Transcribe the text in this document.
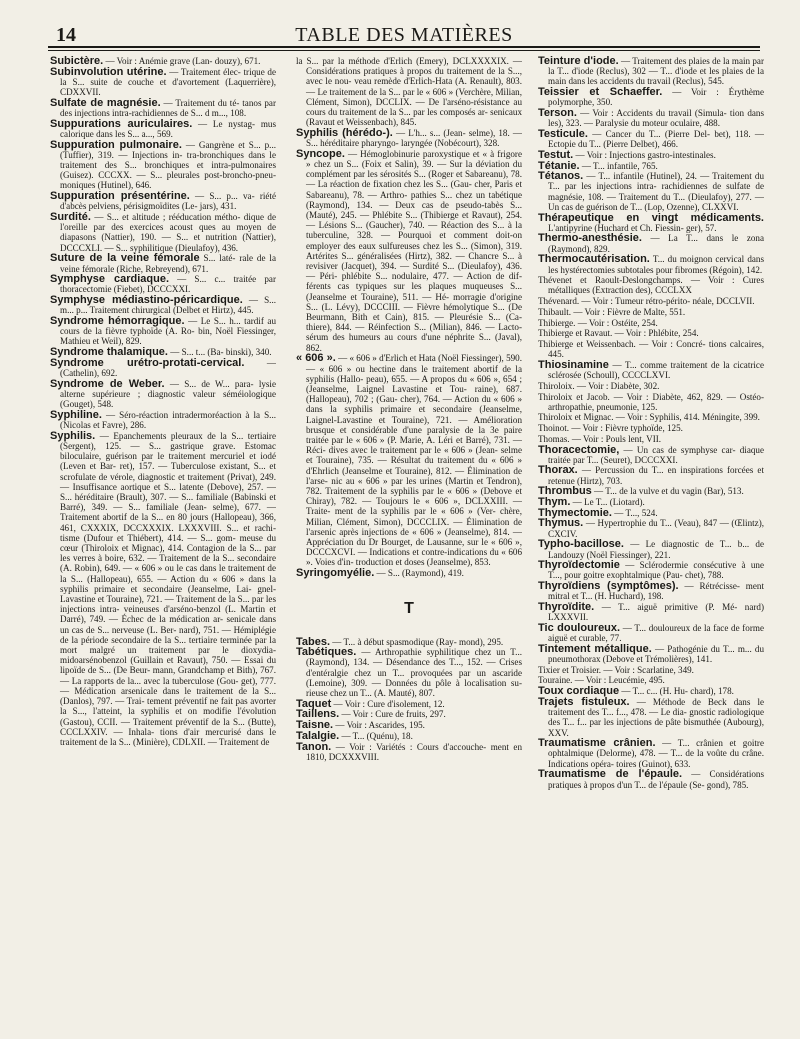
14	TABLE DES MATIÈRES

Subictère. — Voir : Anémie grave (Lan- douzy), 671.

Subinvolution utérine. — Traitement élec- trique de la S... suite de couche et d'avortement (Laquerrière), CDXXVII.

Sulfate de magnésie. — Traitement du té- tanos par des injections intra-rachidiennes de S... d m..., 108.

Suppurations auriculaires. — Le nystag- mus calorique dans les S... a..., 569.

Suppuration pulmonaire. — Gangrène et S... p... (Tuffier), 319. — Injections in- tra-bronchiques dans le traitement des S... bronchiques et intra-pulmonaires (Guisez). CCCXX. — S... pleurales post-broncho-pneu- moniques (Hutinel), 646.

Suppuration présentérine. — S... p... va- riété d'abcès pelviens, périsigmoïdites (Le- jars), 431.

Surdité. — S... et altitude ; rééducation métho- dique de l'oreille par des exercices acoust ques au moyen de diapasons (Nattier), 190. — S... et nutrition (Nattier), DCCCXLI. — S... syphilitique (Dieulafoy), 436.

Suture de la veine fémorale S... laté- rale de la veine fémorale (Riche, Rebreyend), 671.

Symphyse cardiaque. — S... c... traitée par thoracectomie (Fiebet), DCCCXXI.

Symphyse médiastino-péricardique. — S... m... p... Traitement chirurgical (Delbet et Hirtz), 445.

Syndrome hémorragique. — Le S... h... tardif au cours de la fièvre typhoïde (A. Ro- bin, Noël Fiessinger, Mathieu et Weil), 829.

Syndrome thalamique. — S... t... (Ba- binski), 340.

Syndrome urétro-protati-cervical. — (Cathelin), 692.

Syndrome de Weber. — S... de W... para- lysie alterne supérieure ; diagnostic valeur séméiologique (Gouget), 548.

Syphiline. — Séro-réaction intradermoréaction à la S... (Nicolas et Favre), 286.

Syphilis. — Epanchements pleuraux de la S... tertiaire (Sergent), 125. — S... gastrique grave. Estomac biloculaire, guérison par le traitement mercuriel et iodé (Leven et Bar- ret), 157. — Tuberculose existant, S... et scrofulate de vérole, diagnostic et traitement (Privat), 249. — Insuffisance aortique et S... latente (Debove), 257. — S... héréditaire (Brault), 307. — S... familiale (Babinski et Barré), 349. — S... familiale (Jean- selme), 677. — Traitement abortif de la S... en 80 jours (Hallopeau), 366, 461, CXXXIX, DCCXXXIX. LXXXVIII. S... et rachi- tisme (Dufour et Thiébert), 414. — S... gom- meuse du cœur (Thiroloix et Mignac), 414. Contagion de la S... par les verres à boire, 632. — Traitement de la S... secondaire (A. Robin), 649. — « 606 » ou le cas dans le traitement de la S... (Hallopeau), 655. — Action du « 606 » dans la syphilis primaire et secondaire (Jeanselme, Lai- gnel-Lavastine et Touraine), 721. — Traitement de la S... par les injections intra- veineuses d'arséno-benzol (L. Martin et Darré), 749. — Échec de la médication ar- senicale dans un cas de S... nerveuse (L. Ber- nard), 751. — Hémiplégie de la période secondaire de la S... tertiaire terminée par la mort malgré un traitement par le dioxydia- midoarsénobenzol (Guillain et Ravaut), 750. — Essai du lipoïde de S... (De Beur- mann, Grandchamp et Bith), 767. — La rapports de la... avec la tuberculose (Gou- get), 777. — Médication arsenicale dans le traitement de la S... (Danlos), 797. — Trai- tement préventif ne fait pas avorter la S..., l'atteint, la syphilis et on modifie l'évolution (Gastou), CCII. — Traitement préventif de la S... (Butte), CCCLXXIV. — Inhala- tions d'air mercurisé dans le traitement de la S... (Minière), CDLXII. — Traitement de

la S... par la méthode d'Erlich (Emery), DCLXXXXIX. — Considérations pratiques à propos du traitement de la S..., avec le nou- veau remède d'Erlich-Hata (A. Renault), 803. — Le traitement de la S... par le « 606 » (Verchère, Milian, Clément, Simon), DCCLIX. — De l'arséno-résistance au cours du traitement de la S... par les composés ar- senicaux (Ravaut et Weissenbach), 845.

Syphilis (hérédo-). — L'h... s... (Jean- selme), 18. — S... héréditaire pharyngo- laryngée (Nobécourt), 328.

Syncope. — Hémoglobinurie paroxystique et « à frigore » chez un S... (Foix et Salin), 39. — Sur la déviation du complément par les sérosités S... (Roger et Sabareanu), 78. — La réaction de fixation chez les S... (Gau- cher, Paris et Sabareanu), 78. — Arthro- pathies S... chez un tabétique (Raymond), 134. — Deux cas de pseudo-tabès S... (Mauté), 245. — Phlébite S... (Thibierge et Ravaut), 254. — Lésions S... (Gaucher), 740. — Réaction des S... à la tuberculine, 328. — Pourquoi et comment doit-on employer des eaux sulfureuses chez les S... (Simon), 319. Artérites S... généralisées (Hirtz), 382. — Chancre S... à revisiver (Jacquet), 394. — Surdité S... (Dieulafoy), 436. — Péri- phlébite S... nodulaire, 477. — Action de dif- férents cas typiques sur les plaques muqueuses S... (Jeanselme et Touraine), 511. — Hé- morragie d'origine S... (L. Lévy), DCCCIII. — Fièvre hémolytique S... (De Beurmann, Bith et Cain), 815. — Pleurésie S... (Ca- thiere), 844. — Réinfection S... (Milian), 846. — Lacto-sérum des humeurs au cours d'une néphrite S... (Javal), 862.

« 606 ». — « 606 » d'Erlich et Hata (Noël Fiessinger), 590. — « 606 » ou hectine dans le traitement abortif de la syphilis (Hallo- peau), 655. — A propos du « 606 », 654 ; (Jeanselme, Laignel Lavastine et Tou- raine), 687. (Hallopeau), 702 ; (Gau- cher), 764. — Action du « 606 » dans la syphilis primaire et secondaire (Jeanselme, Laignel-Lavastine et Touraine), 721. — Amélioration brusque et considérable d'une paralysie de la 3e paire traitée par le « 606 » (P. Marie, A. Léri et Barré), 731. — Réci- dives avec le traitement par le « 606 » (Jean- selme et Touraine), 735. — Résultat du traitement du « 606 » d'Ehrlich (Jeanselme et Touraine), 812. — Élimination de l'arse- nic au « 606 » par les urines (Martin et Tendron), 782. Traitement de la syphilis par le « 606 » (Debove et Chiray), 782. — Toujours le « 606 », DCLXXIII. — Traite- ment de la syphilis par le « 606 » (Ver- chère, Milian, Clément, Simon), DCCCLIX. — Élimination de l'arsenic après injections de « 606 » (Jeanselme), 814. — Appréciation du Dr Bourget, de Lausanne, sur le « 606 », DCCCXCVI. — Indications et contre-indications du « 606 ». Voies d'in- troduction et doses (Jeanselme), 853.

Syringomyélie. — S... (Raymond), 419.

T

Tabes. — T... à début spasmodique (Ray- mond), 295.

Tabétiques. — Arthropathie syphilitique chez un T... (Raymond), 134. — Désendance des T..., 152. — Crises d'entéralgie chez un T... provoquées par un ascaride (Lemoine), 309. — Données du pôle à localisation su- rieuse chez un T... (A. Mauté), 807.

Taquet — Voir : Cure d'isolement, 12.

Taillens. — Voir : Cure de fruits, 297.

Taisne. — Voir : Ascarides, 195.

Talalgie. — T... (Quénu), 18.

Tanon. — Voir : Variétés : Cours d'accouche- ment en 1810, DCXXXVIII.

Teinture d'iode. — Traitement des plaies de la main par la T... d'iode (Reclus), 302 — T... d'iode et les plaies de la main dans les accidents du travail (Reclus), 545.

Teissier et Schaeffer. — Voir : Érythème polymorphe, 350.

Terson. — Voir : Accidents du travail (Simula- tion dans les), 323. — Paralysie du moteur oculaire, 488.

Testicule. — Cancer du T... (Pierre Del- bet), 118. — Ectopie du T... (Pierre Delbet), 466.

Testut. — Voir : Injections gastro-intestinales.

Tétanie. — T... infantile, 765.

Tétanos. — T... infantile (Hutinel), 24. — Traitement du T... par les injections intra- rachidiennes de sulfate de magnésie, 108. — Traitement du T... (Dieulafoy), 277. — Un cas de guérison de T... (Lop, Ozenne), CLXXVI.

Thérapeutique en vingt médicaments. L'antipyrine (Huchard et Ch. Fiessin- ger), 57.

Thermo-anesthésie. — La T... dans le zona (Raymond), 829.

Thermocautérisation. T... du moignon cervical dans les hystérectomies subtotales pour fibromes (Régoin), 142.

Thévenet et Raoult-Deslongchamps. — Voir : Cures métalliques (Extraction des), CCCLXX

Thévenard. — Voir : Tumeur rétro-périto- néale, DCCLVII.

Thibault. — Voir : Fièvre de Malte, 551.

Thibierge. — Voir : Ostéite, 254.

Thibierge et Ravaut. — Voir : Phlébite, 254.

Thibierge et Weissenbach. — Voir : Concré- tions calcaires, 445.

Thiosinamine — T... comme traitement de la cicatrice sclérosée (Schoull), CCCCLXVI.

Thiroloix. — Voir : Diabète, 302.

Thiroloix et Jacob. — Voir : Diabète, 462, 829. — Ostéo-arthropathie, pneumonie, 125.

Thiroloix et Mignac. — Voir : Syphilis, 414. Méningite, 399.

Thoinot. — Voir : Fièvre typhoïde, 125.

Thomas. — Voir : Pouls lent, VII.

Thoracectomie, — Un cas de symphyse car- diaque traitée par T... (Seuret), DCCCXXI.

Thorax. — Percussion du T... en inspirations forcées et retenue (Hirtz), 703.

Thrombus — T... de la vulve et du vagin (Bar), 513.

Thym. — Le T... (Liotard).

Thymectomie. — T..., 524.

Thymus. — Hypertrophie du T... (Veau), 847 — (Œlintz), CXCIV.

Typho-bacillose. — Le diagnostic de T... b... de Landouzy (Noël Fiessinger), 221.

Thyroïdectomie — Sclérodermie consécutive à une T..., pour goitre exophtalmique (Pau- chet), 788.

Thyroïdiens (symptômes). — Rétrécisse- ment mitral et T... (H. Huchard), 198.

Thyroïdite. — T... aiguë primitive (P. Mé- nard) LXXXVII.

Tic douloureux. — T... douloureux de la face de forme aiguë et curable, 77.

Tintement métallique. — Pathogénie du T... m... du pneumothorax (Debove et Trémolières), 141.

Tixier et Troisier. — Voir : Scarlatine, 349.

Touraine. — Voir : Leucémie, 495.

Toux cordiaque — T... c... (H. Hu- chard), 178.

Trajets fistuleux. — Méthode de Beck dans le traitement des T... f..., 478. — Le dia- gnostic radiologique des T... f... par les injections de pâte bismuthée (Aubourg), XXV.

Traumatisme crânien. — T... crânien et goitre ophtalmique (Delorme), 478. — T... de la voûte du crâne. Indications opéra- toires (Guinot), 633.

Traumatisme de l'épaule. — Considérations pratiques à propos d'un T... de l'épaule (Se- gond), 785.
